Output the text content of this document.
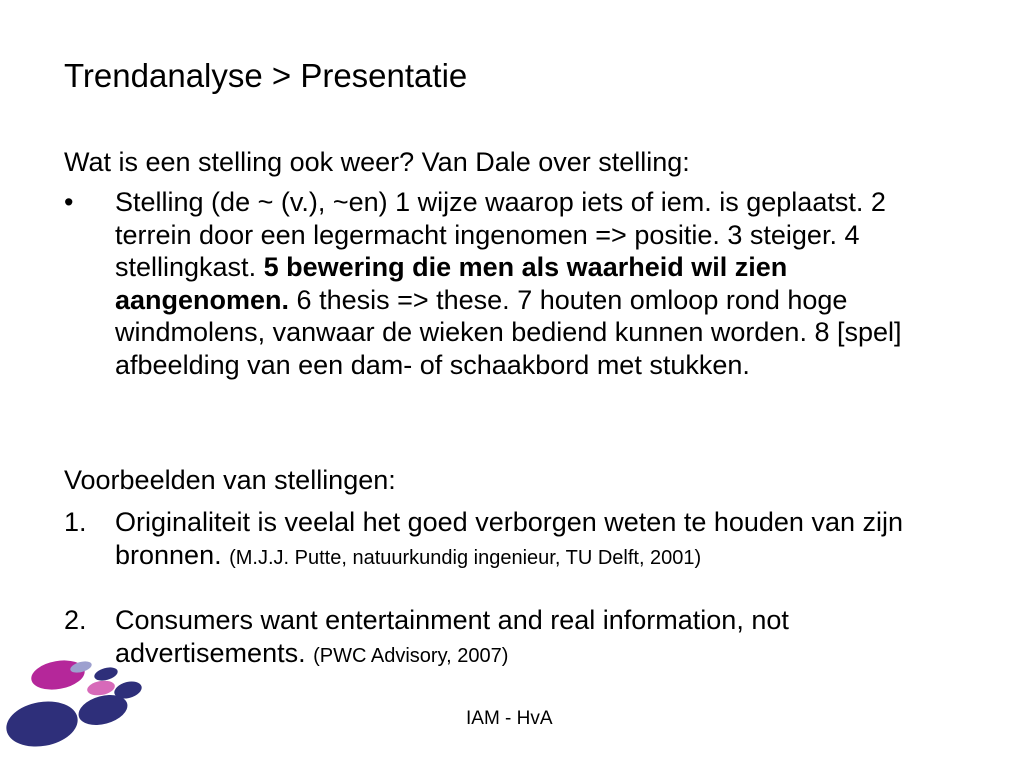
Trendanalyse > Presentatie
Wat is een stelling ook weer? Van Dale over stelling:
•	Stelling (de ~ (v.), ~en) 1 wijze waarop iets of iem. is geplaatst. 2 terrein door een legermacht ingenomen => positie. 3 steiger. 4 stellingkast. 5 bewering die men als waarheid wil zien aangenomen. 6 thesis => these. 7 houten omloop rond hoge windmolens, vanwaar de wieken bediend kunnen worden. 8 [spel] afbeelding van een dam- of schaakbord met stukken.
Voorbeelden van stellingen:
1.	Originaliteit is veelal het goed verborgen weten te houden van zijn bronnen. (M.J.J. Putte, natuurkundig ingenieur, TU Delft, 2001)
2.	Consumers want entertainment and real information, not advertisements. (PWC Advisory, 2007)
IAM - HvA
